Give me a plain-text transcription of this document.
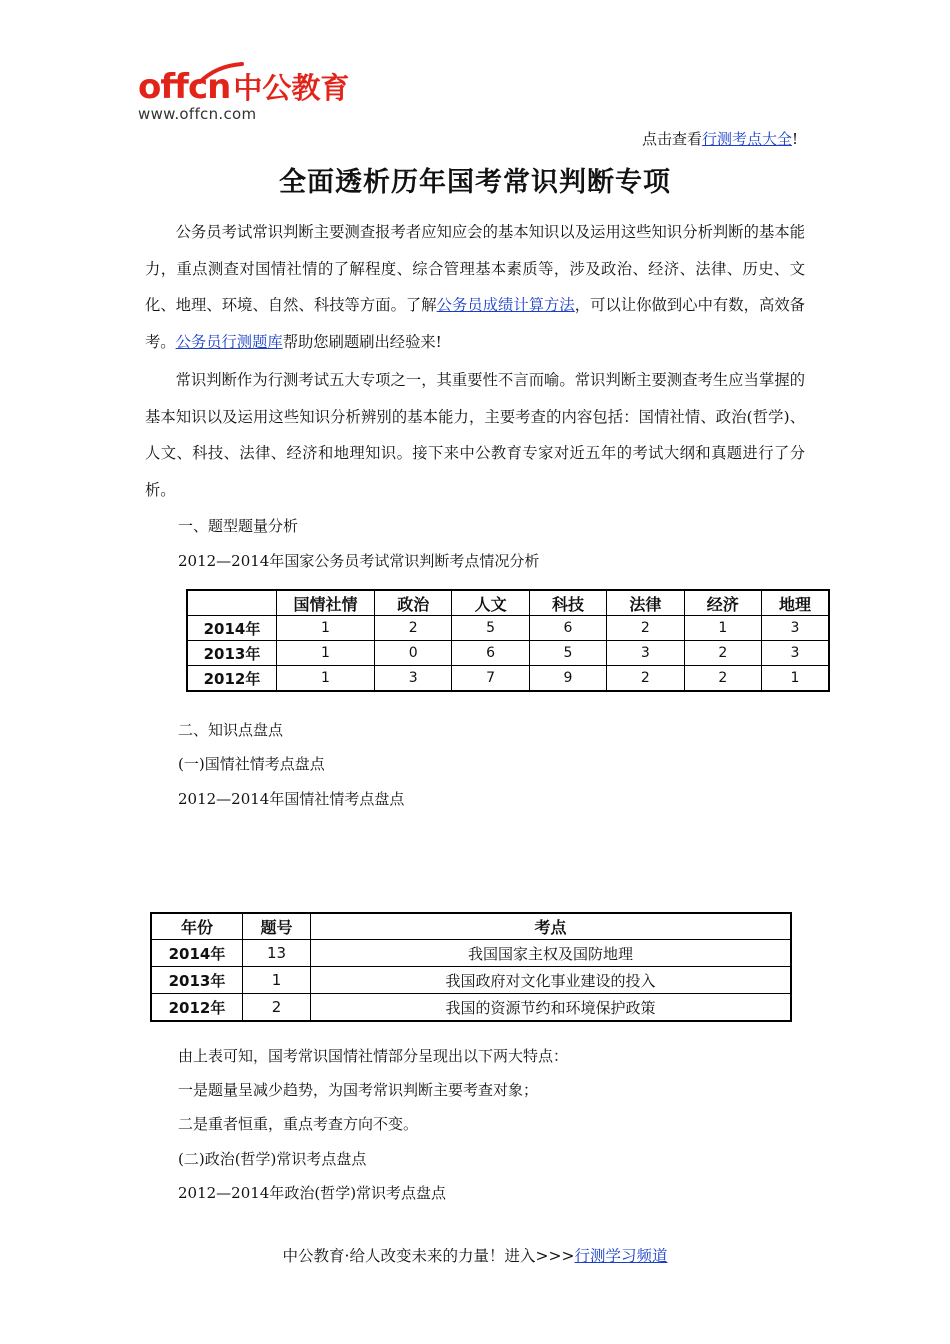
offcn 中公教育
www.offcn.com
点击查看行测考点大全!
全面透析历年国考常识判断专项

公务员考试常识判断主要测查报考者应知应会的基本知识以及运用这些知识分析判断的基本能力，重点测查对国情社情的了解程度、综合管理基本素质等，涉及政治、经济、法律、历史、文化、地理、环境、自然、科技等方面。了解公务员成绩计算方法，可以让你做到心中有数，高效备考。公务员行测题库帮助您刷题刷出经验来!

常识判断作为行测考试五大专项之一，其重要性不言而喻。常识判断主要测查考生应当掌握的基本知识以及运用这些知识分析辨别的基本能力，主要考查的内容包括：国情社情、政治(哲学)、人文、科技、法律、经济和地理知识。接下来中公教育专家对近五年的考试大纲和真题进行了分析。

一、题型题量分析
2012—2014年国家公务员考试常识判断考点情况分析
	国情社情	政治	人文	科技	法律	经济	地理
2014年	1	2	5	6	2	1	3
2013年	1	0	6	5	3	2	3
2012年	1	3	7	9	2	2	1
二、知识点盘点
(一)国情社情考点盘点
2012—2014年国情社情考点盘点
年份	题号	考点
2014年	13	我国国家主权及国防地理
2013年	1	我国政府对文化事业建设的投入
2012年	2	我国的资源节约和环境保护政策
由上表可知，国考常识国情社情部分呈现出以下两大特点：
一是题量呈减少趋势，为国考常识判断主要考查对象；
二是重者恒重，重点考查方向不变。
(二)政治(哲学)常识考点盘点
2012—2014年政治(哲学)常识考点盘点
中公教育·给人改变未来的力量！进入>>>行测学习频道
